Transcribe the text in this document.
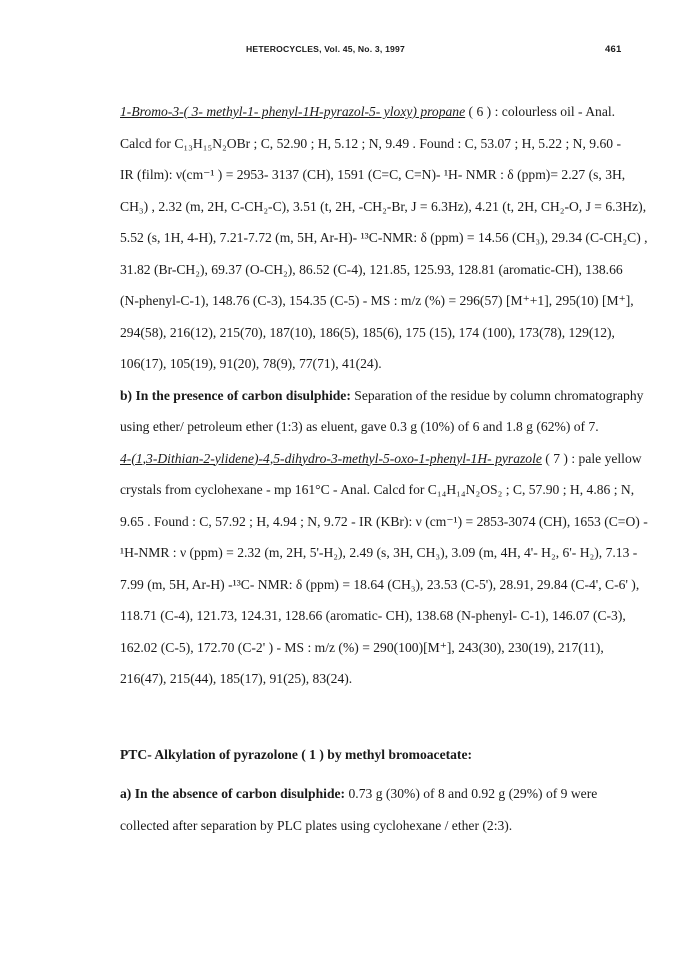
HETEROCYCLES, Vol. 45, No. 3, 1997	461
1-Bromo-3-( 3- methyl-1- phenyl-1H-pyrazol-5- yloxy) propane ( 6 ) : colourless oil - Anal.
Calcd for C₁₃H₁₅N₂OBr ; C, 52.90 ; H, 5.12 ; N, 9.49 . Found : C, 53.07 ; H, 5.22 ; N, 9.60 -
IR (film): ν(cm⁻¹ ) = 2953- 3137 (CH), 1591 (C=C, C=N)- ¹H- NMR : δ (ppm)= 2.27 (s, 3H,
CH₃) , 2.32 (m, 2H, C-CH₂-C), 3.51 (t, 2H, -CH₂-Br, J = 6.3Hz), 4.21 (t, 2H, CH₂-O, J = 6.3Hz),
5.52 (s, 1H, 4-H), 7.21-7.72 (m, 5H, Ar-H)- ¹³C-NMR: δ (ppm) = 14.56 (CH₃), 29.34 (C-CH₂C) ,
31.82 (Br-CH₂), 69.37 (O-CH₂), 86.52 (C-4), 121.85, 125.93, 128.81 (aromatic-CH), 138.66
(N-phenyl-C-1), 148.76 (C-3), 154.35 (C-5) - MS : m/z (%) = 296(57) [M⁺+1], 295(10) [M⁺],
294(58), 216(12), 215(70), 187(10), 186(5), 185(6), 175 (15), 174 (100), 173(78), 129(12),
106(17), 105(19), 91(20), 78(9), 77(71), 41(24).
b) In the presence of carbon disulphide: Separation of the residue by column chromatography
using ether/ petroleum ether (1:3) as eluent, gave 0.3 g (10%) of 6 and 1.8 g (62%) of 7.
4-(1,3-Dithian-2-ylidene)-4,5-dihydro-3-methyl-5-oxo-1-phenyl-1H- pyrazole ( 7 ) : pale yellow
crystals from cyclohexane - mp 161°C - Anal. Calcd for C₁₄H₁₄N₂OS₂ ; C, 57.90 ; H, 4.86 ; N,
9.65 . Found : C, 57.92 ; H, 4.94 ; N, 9.72 - IR (KBr): ν (cm⁻¹) = 2853-3074 (CH), 1653 (C=O) -
¹H-NMR : ν (ppm) = 2.32 (m, 2H, 5'-H₂), 2.49 (s, 3H, CH₃), 3.09 (m, 4H, 4'- H₂, 6'- H₂), 7.13 -
7.99 (m, 5H, Ar-H) -¹³C- NMR: δ (ppm) = 18.64 (CH₃), 23.53 (C-5'), 28.91, 29.84 (C-4', C-6' ),
118.71 (C-4), 121.73, 124.31, 128.66 (aromatic- CH), 138.68 (N-phenyl- C-1), 146.07 (C-3),
162.02 (C-5), 172.70 (C-2' ) - MS : m/z (%) = 290(100)[M⁺], 243(30), 230(19), 217(11),
216(47), 215(44), 185(17), 91(25), 83(24).
PTC- Alkylation of pyrazolone ( 1 ) by methyl bromoacetate:
a) In the absence of carbon disulphide: 0.73 g (30%) of 8 and 0.92 g (29%) of 9 were
collected after separation by PLC plates using cyclohexane / ether (2:3).
